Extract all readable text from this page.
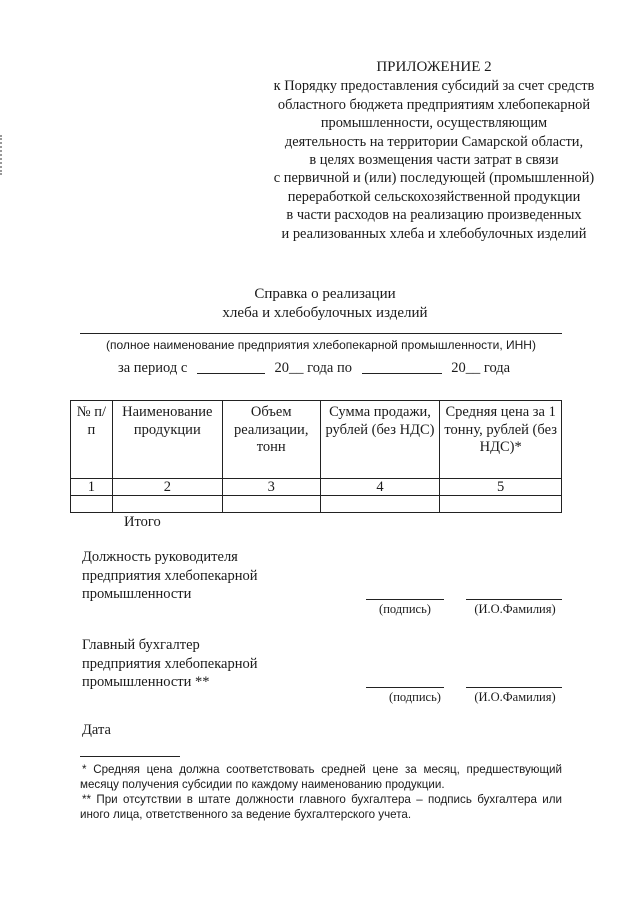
ПРИЛОЖЕНИЕ 2
к Порядку предоставления субсидий за счет средств
областного бюджета предприятиям хлебопекарной
промышленности, осуществляющим
деятельность на территории Самарской области,
в целях возмещения части затрат в связи
с первичной и (или) последующей (промышленной)
переработкой сельскохозяйственной продукции
в части расходов на реализацию произведенных
и реализованных хлеба и хлебобулочных изделий
Справка о реализации
хлеба и хлебобулочных изделий
(полное наименование предприятия хлебопекарной промышленности, ИНН)
за период с	20__ года по	20__ года
№ п/п	Наименование продукции	Объем реализации, тонн	Сумма продажи, рублей (без НДС)	Средняя цена за 1 тонну, рублей (без НДС)*
1	2	3	4	5

Итого
Должность руководителя
предприятия хлебопекарной
промышленности
(подпись)	(И.О.Фамилия)
Главный бухгалтер
предприятия хлебопекарной
промышленности **
(подпись)	(И.О.Фамилия)
Дата

* Средняя цена должна соответствовать средней цене за месяц, предшествующий месяцу получения субсидии по каждому наименованию продукции.

** При отсутствии в штате должности главного бухгалтера – подпись бухгалтера или иного лица, ответственного за ведение бухгалтерского учета.
